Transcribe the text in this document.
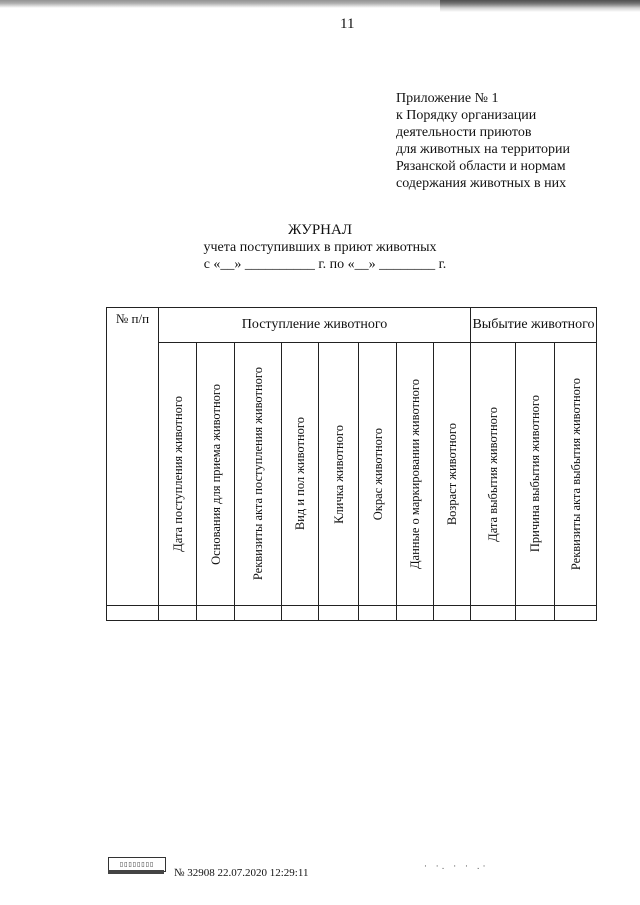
11
Приложение № 1
к Порядку организации
деятельности приютов
для животных на территории
Рязанской области и нормам
содержания животных в них
ЖУРНАЛ
учета поступивших в приют животных
с «__» __________ г. по «__» ________ г.
№ п/п	Поступление животного								Выбытие животного		

	Дата поступления животного	Основания для приема животного	Реквизиты акта поступления животного	Вид и пол животного	Кличка животного	Окрас животного	Данные о маркировании животного	Возраст животного	Дата выбытия животного	Причина выбытия животного	Реквизиты акта выбытия животного

▯▯▯▯▯▯▯▯
№ 32908 22.07.2020 12:29:11	· ·. · · .·
